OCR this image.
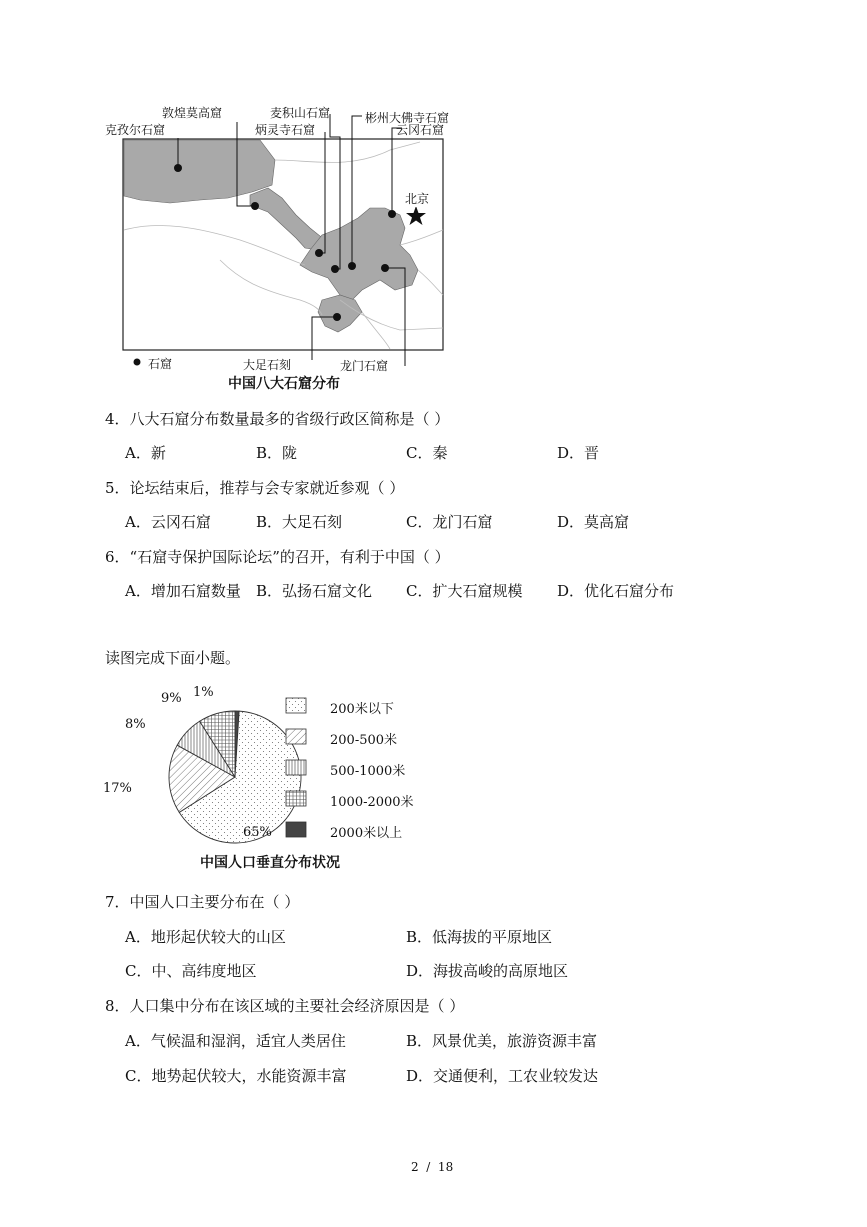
克孜尔石窟
敦煌莫高窟	麦积山石窟
炳灵寺石窟
彬州大佛寺石窟
云冈石窟
北京
大足石刻	龙门石窟
石窟
中国八大石窟分布
4．八大石窟分布数量最多的省级行政区简称是（ ）
A．新	B．陇	C．秦	D．晋
5．论坛结束后，推荐与会专家就近参观（ ）
A．云冈石窟	B．大足石刻	C．龙门石窟	D．莫高窟
6．“石窟寺保护国际论坛”的召开，有利于中国（ ）
A．增加石窟数量 B．弘扬石窟文化 C．扩大石窟规模 D．优化石窟分布
读图完成下面小题。
65%
17%
8%
9% 1%
200米以下
200-500米
500-1000米
1000-2000米
2000米以上
中国人口垂直分布状况
7．中国人口主要分布在（ ）
A．地形起伏较大的山区	B．低海拔的平原地区
C．中、高纬度地区	D．海拔高峻的高原地区
8．人口集中分布在该区域的主要社会经济原因是（ ）
A．气候温和湿润，适宜人类居住	B．风景优美，旅游资源丰富
C．地势起伏较大，水能资源丰富	D．交通便利，工农业较发达
2  /  18
